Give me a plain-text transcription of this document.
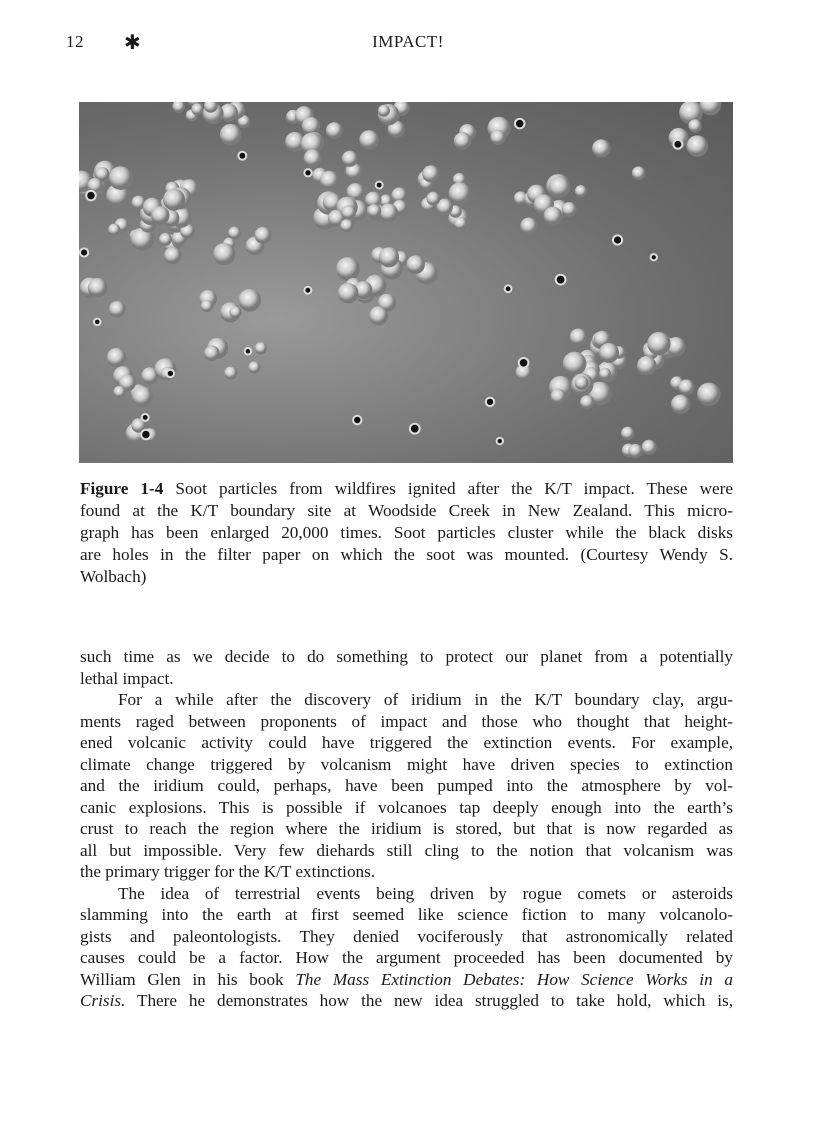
12 ✱	IMPACT!
Figure 1-4 Soot particles from wildfires ignited after the K/T impact. These were
found at the K/T boundary site at Woodside Creek in New Zealand. This micro-
graph has been enlarged 20,000 times. Soot particles cluster while the black disks
are holes in the filter paper on which the soot was mounted. (Courtesy Wendy S.
Wolbach)
such time as we decide to do something to protect our planet from a potentially
lethal impact.
For a while after the discovery of iridium in the K/T boundary clay, argu-
ments raged between proponents of impact and those who thought that height-
ened volcanic activity could have triggered the extinction events. For example,
climate change triggered by volcanism might have driven species to extinction
and the iridium could, perhaps, have been pumped into the atmosphere by vol-
canic explosions. This is possible if volcanoes tap deeply enough into the earth’s
crust to reach the region where the iridium is stored, but that is now regarded as
all but impossible. Very few diehards still cling to the notion that volcanism was
the primary trigger for the K/T extinctions.
The idea of terrestrial events being driven by rogue comets or asteroids
slamming into the earth at first seemed like science fiction to many volcanolo-
gists and paleontologists. They denied vociferously that astronomically related
causes could be a factor. How the argument proceeded has been documented by
William Glen in his book The Mass Extinction Debates: How Science Works in a
Crisis. There he demonstrates how the new idea struggled to take hold, which is,
